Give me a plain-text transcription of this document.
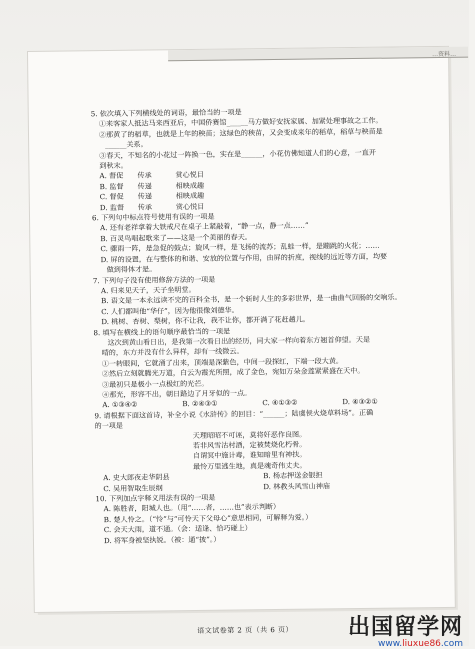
…资料…
5. 依次填入下列横线处的词语，最恰当的一项是
①来客家人抵达马来西亚后，中国侨赛馆______马方做好安抚家属、加紧处理事故之工作。
②那黄了的稻草，也就是上年的秧苗；这绿色的秧苗，又会变成来年的稻草，稻草与秧苗是
______关系。
③春天，不知名的小花过一阵换一色，实在是______，小花仿佛知道人们的心意，一直开
到秋末。
A. 督促	传承	赏心悦目
B. 监督	传递	相映成趣
C. 督促	传递	相映成趣
D. 监督	传承	赏心悦目
6. 下列句中标点符号使用有误的一项是
A. 还有老祥拿着大铁戒尺在桌子上紧敲着，“静一点，静一点……”
B. 百灵鸟唱起歌来了——这是一个美丽的春天。
C. 骤雨一阵，是急促的鼓点；旋风一样，是飞扬的流苏；乱蛙一样，是蹦跳的火花；……
D. 屏的设置，在与整体的和谐、安放的位置与作用，由屏的折度，视线的远近等方面，均要
做到得体才是。
7. 下列句子没有使用修辞方法的一项是
A. 归来见天子，天子坐明堂。
B. 语文是一本永远读不完的百科全书，是一个斩时人生的多彩世界，是一曲曲气回肠的交响乐。
C. 人们都叫他“华仔”，因为他很像刘德华。
D. 桃树、杏树、梨树，你不让我，我不让你，都开满了花赶趟儿。
8. 填写在横线上的语句顺序最恰当的一项是
这次到黄山看日出，是我第一次看日出的经历，同大家一样向着东方翘首仰望。天是
晴的，东方并没有什么异样，却有一线微云。
①一转眼间，它就涌了出来，顶端是深紫色，中间一段探红，下端一段大黄。
②然后立刻就腾光万道，白云为霞光所照，成了金色，宛如万朵金莲紧紧盛在天中。
③最初只是极小一点极红的光芒。
④那光，形容不出，朝日路边了月牙似的一点。
A. ①③④②	B. ②④③①	C. ④①③②	D. ④③②①
9. 请根据下面这首诗，补全小说《水浒传》的回目：“______；陆虞侯火烧草料场”。正确
的一项是
天理昭昭不可诬，莫将奸恶作良图。
若非风雪沽村酒，定被焚烧化朽骨。
自谓冥中施计毒，谁知暗里有神扶。
最怜万里逃生地，真是魂奇伟丈夫。
A. 史大郎夜走华阴县	B. 杨志押送金银担
C. 吴用智取生辰纲	D. 林教头风雪山神庙
10. 下列加点字释义用法有误的一项是
A. 陈胜者，阳城人也。（用“……者，……也”表示判断）
B. 楚人怜之。（“怜”与“可怜天下父母心”意思相同，可解释为爱。）
C. 会天大雨，道不通。（会：适逢、恰巧碰上）
D. 将军身被坚执锐。（被：通“披”。）
语文试卷第 2 页（共 6 页）	出国留学网
www.liuxue86.com
